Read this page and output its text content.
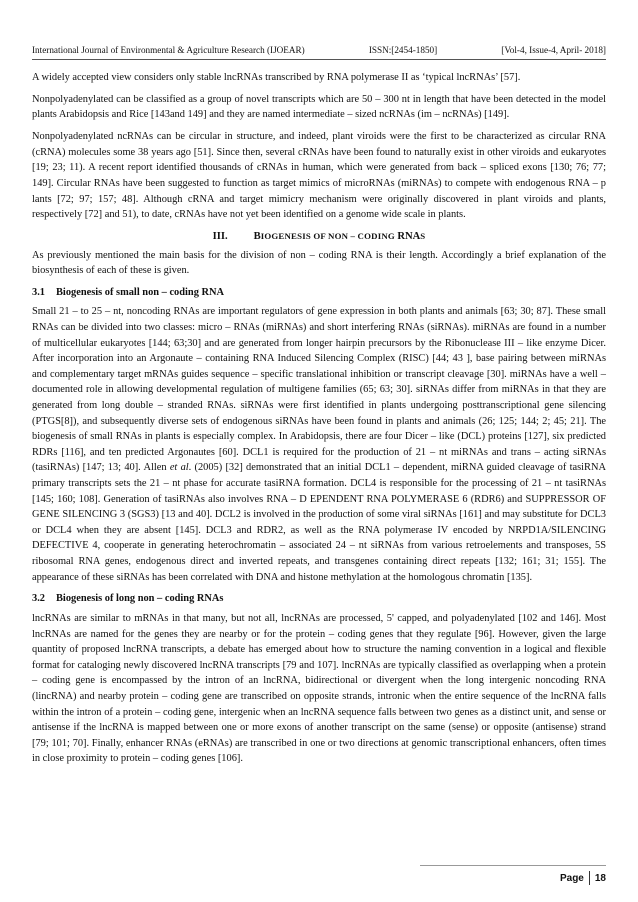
International Journal of Environmental & Agriculture Research (IJOEAR)	ISSN:[2454-1850]	[Vol-4, Issue-4, April- 2018]

A widely accepted view considers only stable lncRNAs transcribed by RNA polymerase II as ‘typical lncRNAs’ [57].

Nonpolyadenylated can be classified as a group of novel transcripts which are 50 – 300 nt in length that have been detected in the model plants Arabidopsis and Rice [143and 149] and they are named intermediate – sized ncRNAs (im – ncRNAs) [149].

Nonpolyadenylated ncRNAs can be circular in structure, and indeed, plant viroids were the first to be characterized as circular RNA (cRNA) molecules some 38 years ago [51]. Since then, several cRNAs have been found to naturally exist in other viroids and eukaryotes [19; 23; 11). A recent report identified thousands of cRNAs in human, which were generated from back – spliced exons [130; 76; 77; 149]. Circular RNAs have been suggested to function as target mimics of microRNAs (miRNAs) to compete with endogenous RNA – p lants [72; 97; 157; 48]. Although cRNA and target mimicry mechanism were originally discovered in plant viroids and plants, respectively [72] and 51), to date, cRNAs have not yet been identified on a genome wide scale in plants.

III. BIOGENESIS OF NON – CODING RNAS

As previously mentioned the main basis for the division of non – coding RNA is their length. Accordingly a brief explanation of the biosynthesis of each of these is given.

3.1 Biogenesis of small non – coding RNA

Small 21 – to 25 – nt, noncoding RNAs are important regulators of gene expression in both plants and animals [63; 30; 87]. These small RNAs can be divided into two classes: micro – RNAs (miRNAs) and short interfering RNAs (siRNAs). miRNAs are found in a number of multicellular eukaryotes [144; 63;30] and are generated from longer hairpin precursors by the Ribonuclease III – like enzyme Dicer. After incorporation into an Argonaute – containing RNA Induced Silencing Complex (RISC) [44; 43 ], base pairing between miRNAs and complementary target mRNAs guides sequence – specific translational inhibition or transcript cleavage [30]. miRNAs have a well – documented role in allowing developmental regulation of multigene families (65; 63; 30]. siRNAs differ from miRNAs in that they are generated from long double – stranded RNAs. siRNAs were first identified in plants undergoing posttranscriptional gene silencing (PTGS[8]), and subsequently diverse sets of endogenous siRNAs have been found in plants and animals (26; 125; 144; 2; 45; 21]. The biogenesis of small RNAs in plants is especially complex. In Arabidopsis, there are four Dicer – like (DCL) proteins [127], six predicted RDRs [116], and ten predicted Argonautes [60]. DCL1 is required for the production of 21 – nt miRNAs and trans – acting siRNAs (tasiRNAs) [147; 13; 40]. Allen et al. (2005) [32] demonstrated that an initial DCL1 – dependent, miRNA guided cleavage of tasiRNA primary transcripts sets the 21 – nt phase for accurate tasiRNA formation. DCL4 is responsible for the processing of 21 – nt tasiRNAs [145; 160; 108]. Generation of tasiRNAs also involves RNA – D EPENDENT RNA POLYMERASE 6 (RDR6) and SUPPRESSOR OF GENE SILENCING 3 (SGS3) [13 and 40]. DCL2 is involved in the production of some viral siRNAs [161] and may substitute for DCL3 or DCL4 when they are absent [145]. DCL3 and RDR2, as well as the RNA polymerase IV encoded by NRPD1A/SILENCING DEFECTIVE 4, cooperate in generating heterochromatin – associated 24 – nt siRNAs from various retroelements and transposes, 5S ribosomal RNA genes, endogenous direct and inverted repeats, and transgenes containing direct repeats [132; 161; 31; 155]. The appearance of these siRNAs has been correlated with DNA and histone methylation at the homologous chromatin [135].

3.2 Biogenesis of long non – coding RNAs

lncRNAs are similar to mRNAs in that many, but not all, lncRNAs are processed, 5' capped, and polyadenylated [102 and 146]. Most lncRNAs are named for the genes they are nearby or for the protein – coding genes that they regulate [96]. However, given the large quantity of proposed lncRNA transcripts, a debate has emerged about how to structure the naming convention in a logical and flexible format for cataloging newly discovered lncRNA transcripts [79 and 107]. lncRNAs are typically classified as overlapping when a protein – coding gene is encompassed by the intron of an lncRNA, bidirectional or divergent when the long intergenic noncoding RNA (lincRNA) and nearby protein – coding gene are transcribed on opposite strands, intronic when the entire sequence of the lncRNA falls within the intron of a protein – coding gene, intergenic when an lncRNA sequence falls between two genes as a distinct unit, and sense or antisense if the lncRNA is mapped between one or more exons of another transcript on the same (sense) or opposite (antisense) strand [79; 101; 70]. Finally, enhancer RNAs (eRNAs) are transcribed in one or two directions at genomic transcriptional enhancers, often times in close proximity to protein – coding genes [106].

Page 18
